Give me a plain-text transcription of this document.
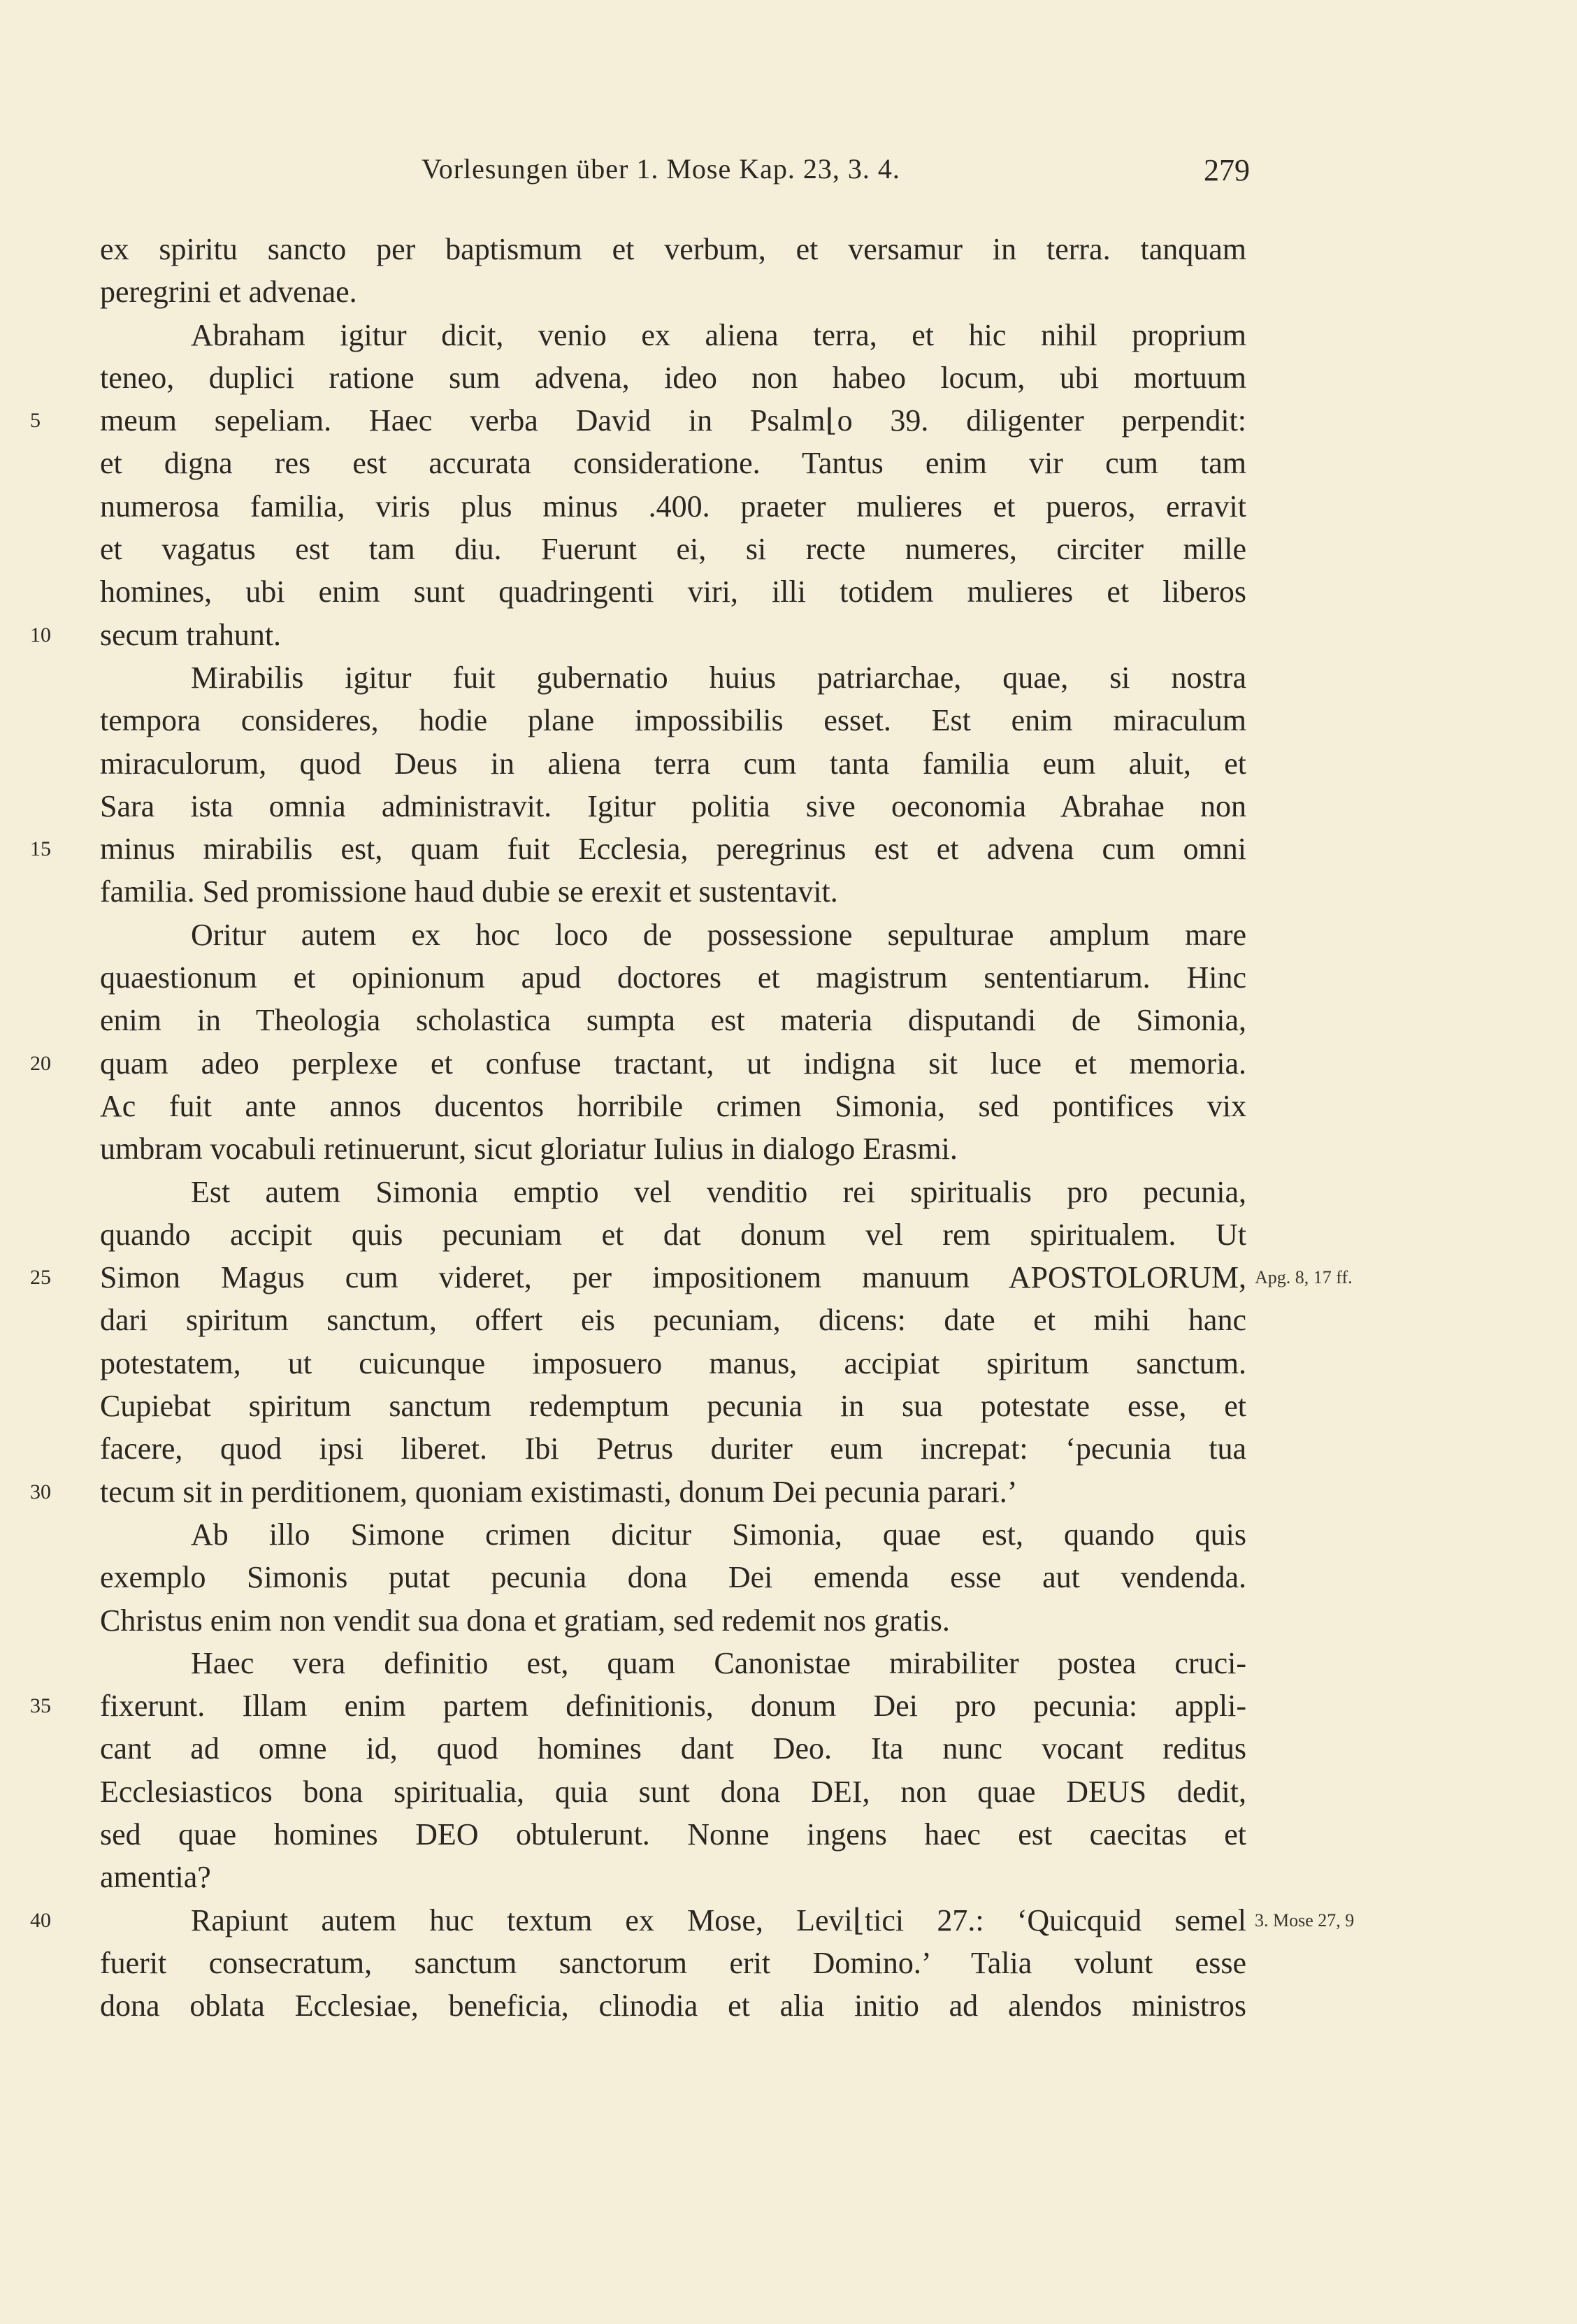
Vorlesungen über 1. Mose Kap. 23, 3. 4.	279
ex spiritu sancto per baptismum et verbum, et versamur in terra. tanquam
peregrini et advenae.
Abraham igitur dicit, venio ex aliena terra, et hic nihil proprium
teneo, duplici ratione sum advena, ideo non habeo locum, ubi mortuum
5	meum sepeliam. Haec verba David in Psalm⌊o 39. diligenter perpendit:
et digna res est accurata consideratione. Tantus enim vir cum tam
numerosa familia, viris plus minus .400. praeter mulieres et pueros, erravit
et vagatus est tam diu. Fuerunt ei, si recte numeres, circiter mille
homines, ubi enim sunt quadringenti viri, illi totidem mulieres et liberos
10	secum trahunt.
Mirabilis igitur fuit gubernatio huius patriarchae, quae, si nostra
tempora consideres, hodie plane impossibilis esset. Est enim miraculum
miraculorum, quod Deus in aliena terra cum tanta familia eum aluit, et
Sara ista omnia administravit. Igitur politia sive oeconomia Abrahae non
15	minus mirabilis est, quam fuit Ecclesia, peregrinus est et advena cum omni
familia. Sed promissione haud dubie se erexit et sustentavit.
Oritur autem ex hoc loco de possessione sepulturae amplum mare
quaestionum et opinionum apud doctores et magistrum sententiarum. Hinc
enim in Theologia scholastica sumpta est materia disputandi de Simonia,
20	quam adeo perplexe et confuse tractant, ut indigna sit luce et memoria.
Ac fuit ante annos ducentos horribile crimen Simonia, sed pontifices vix
umbram vocabuli retinuerunt, sicut gloriatur Iulius in dialogo Erasmi.
Est autem Simonia emptio vel venditio rei spiritualis pro pecunia,
quando accipit quis pecuniam et dat donum vel rem spiritualem. Ut
25	Simon Magus cum videret, per impositionem manuum APOSTOLORUM, Apg. 8, 17 ff.
dari spiritum sanctum, offert eis pecuniam, dicens: date et mihi hanc
potestatem, ut cuicunque imposuero manus, accipiat spiritum sanctum.
Cupiebat spiritum sanctum redemptum pecunia in sua potestate esse, et
facere, quod ipsi liberet. Ibi Petrus duriter eum increpat: ‘pecunia tua
30	tecum sit in perditionem, quoniam existimasti, donum Dei pecunia parari.’
Ab illo Simone crimen dicitur Simonia, quae est, quando quis
exemplo Simonis putat pecunia dona Dei emenda esse aut vendenda.
Christus enim non vendit sua dona et gratiam, sed redemit nos gratis.
Haec vera definitio est, quam Canonistae mirabiliter postea cruci-
35	fixerunt. Illam enim partem definitionis, donum Dei pro pecunia: appli-
cant ad omne id, quod homines dant Deo. Ita nunc vocant reditus
Ecclesiasticos bona spiritualia, quia sunt dona DEI, non quae DEUS dedit,
sed quae homines DEO obtulerunt. Nonne ingens haec est caecitas et
amentia?
40	Rapiunt autem huc textum ex Mose, Levi⌊tici 27.: ‘Quicquid semel 3. Mose 27, 9
fuerit consecratum, sanctum sanctorum erit Domino.’ Talia volunt esse
dona oblata Ecclesiae, beneficia, clinodia et alia initio ad alendos ministros
